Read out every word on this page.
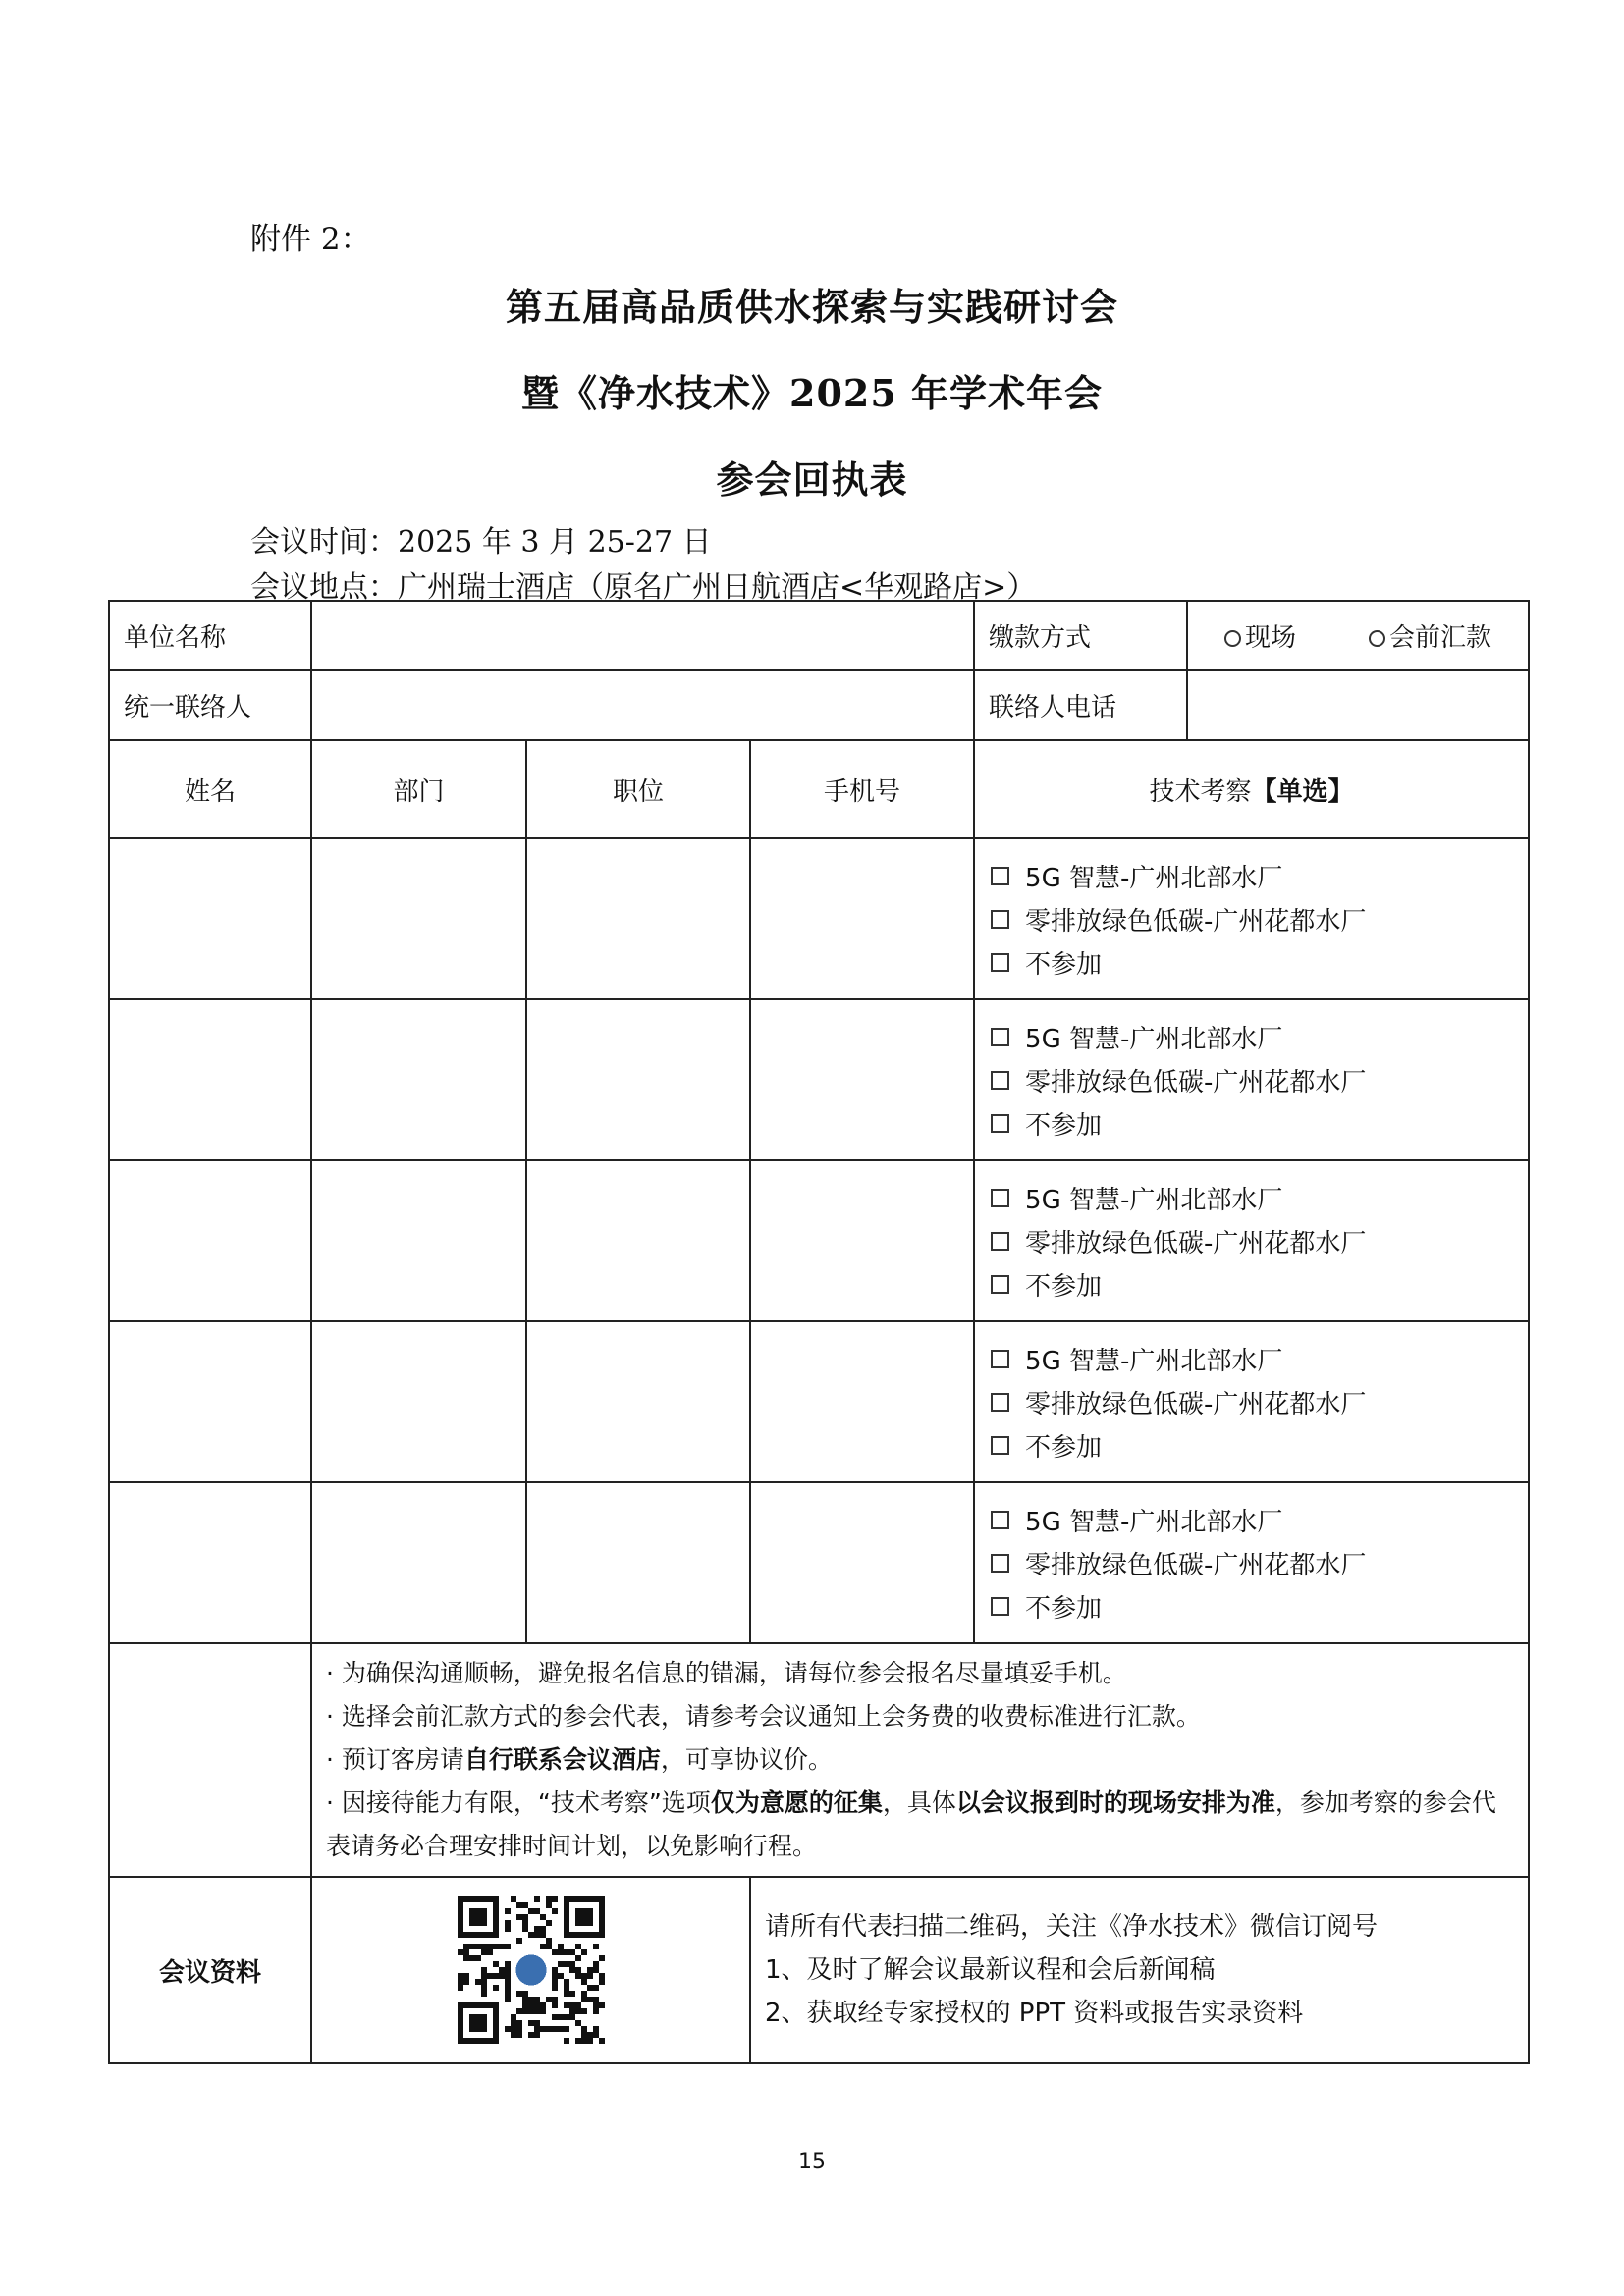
附件 2：
第五届高品质供水探索与实践研讨会
暨《净水技术》2025 年学术年会
参会回执表
会议时间：2025 年 3 月 25-27 日
会议地点：广州瑞士酒店（原名广州日航酒店<华观路店>）
单位名称				缴款方式	现场 会前汇款

统一联络人				联络人电话	
姓名	部门	职位	手机号	技术考察【单选】	

				5G 智慧-广州北部水厂
零排放绿色低碳-广州花都水厂
不参加	

				5G 智慧-广州北部水厂
零排放绿色低碳-广州花都水厂
不参加	

				5G 智慧-广州北部水厂
零排放绿色低碳-广州花都水厂
不参加	

				5G 智慧-广州北部水厂
零排放绿色低碳-广州花都水厂
不参加	

				5G 智慧-广州北部水厂
零排放绿色低碳-广州花都水厂
不参加	

	· 为确保沟通顺畅，避免报名信息的错漏，请每位参会报名尽量填妥手机。
· 选择会前汇款方式的参会代表，请参考会议通知上会务费的收费标准进行汇款。
· 预订客房请自行联系会议酒店，可享协议价。
· 因接待能力有限，“技术考察”选项仅为意愿的征集，具体以会议报到时的现场安排为准，参加考察的参会代表请务必合理安排时间计划，以免影响行程。				

会议资料			请所有代表扫描二维码，关注《净水技术》微信订阅号
1、及时了解会议最新议程和会后新闻稿
2、获取经专家授权的 PPT 资料或报告实录资料		
15
